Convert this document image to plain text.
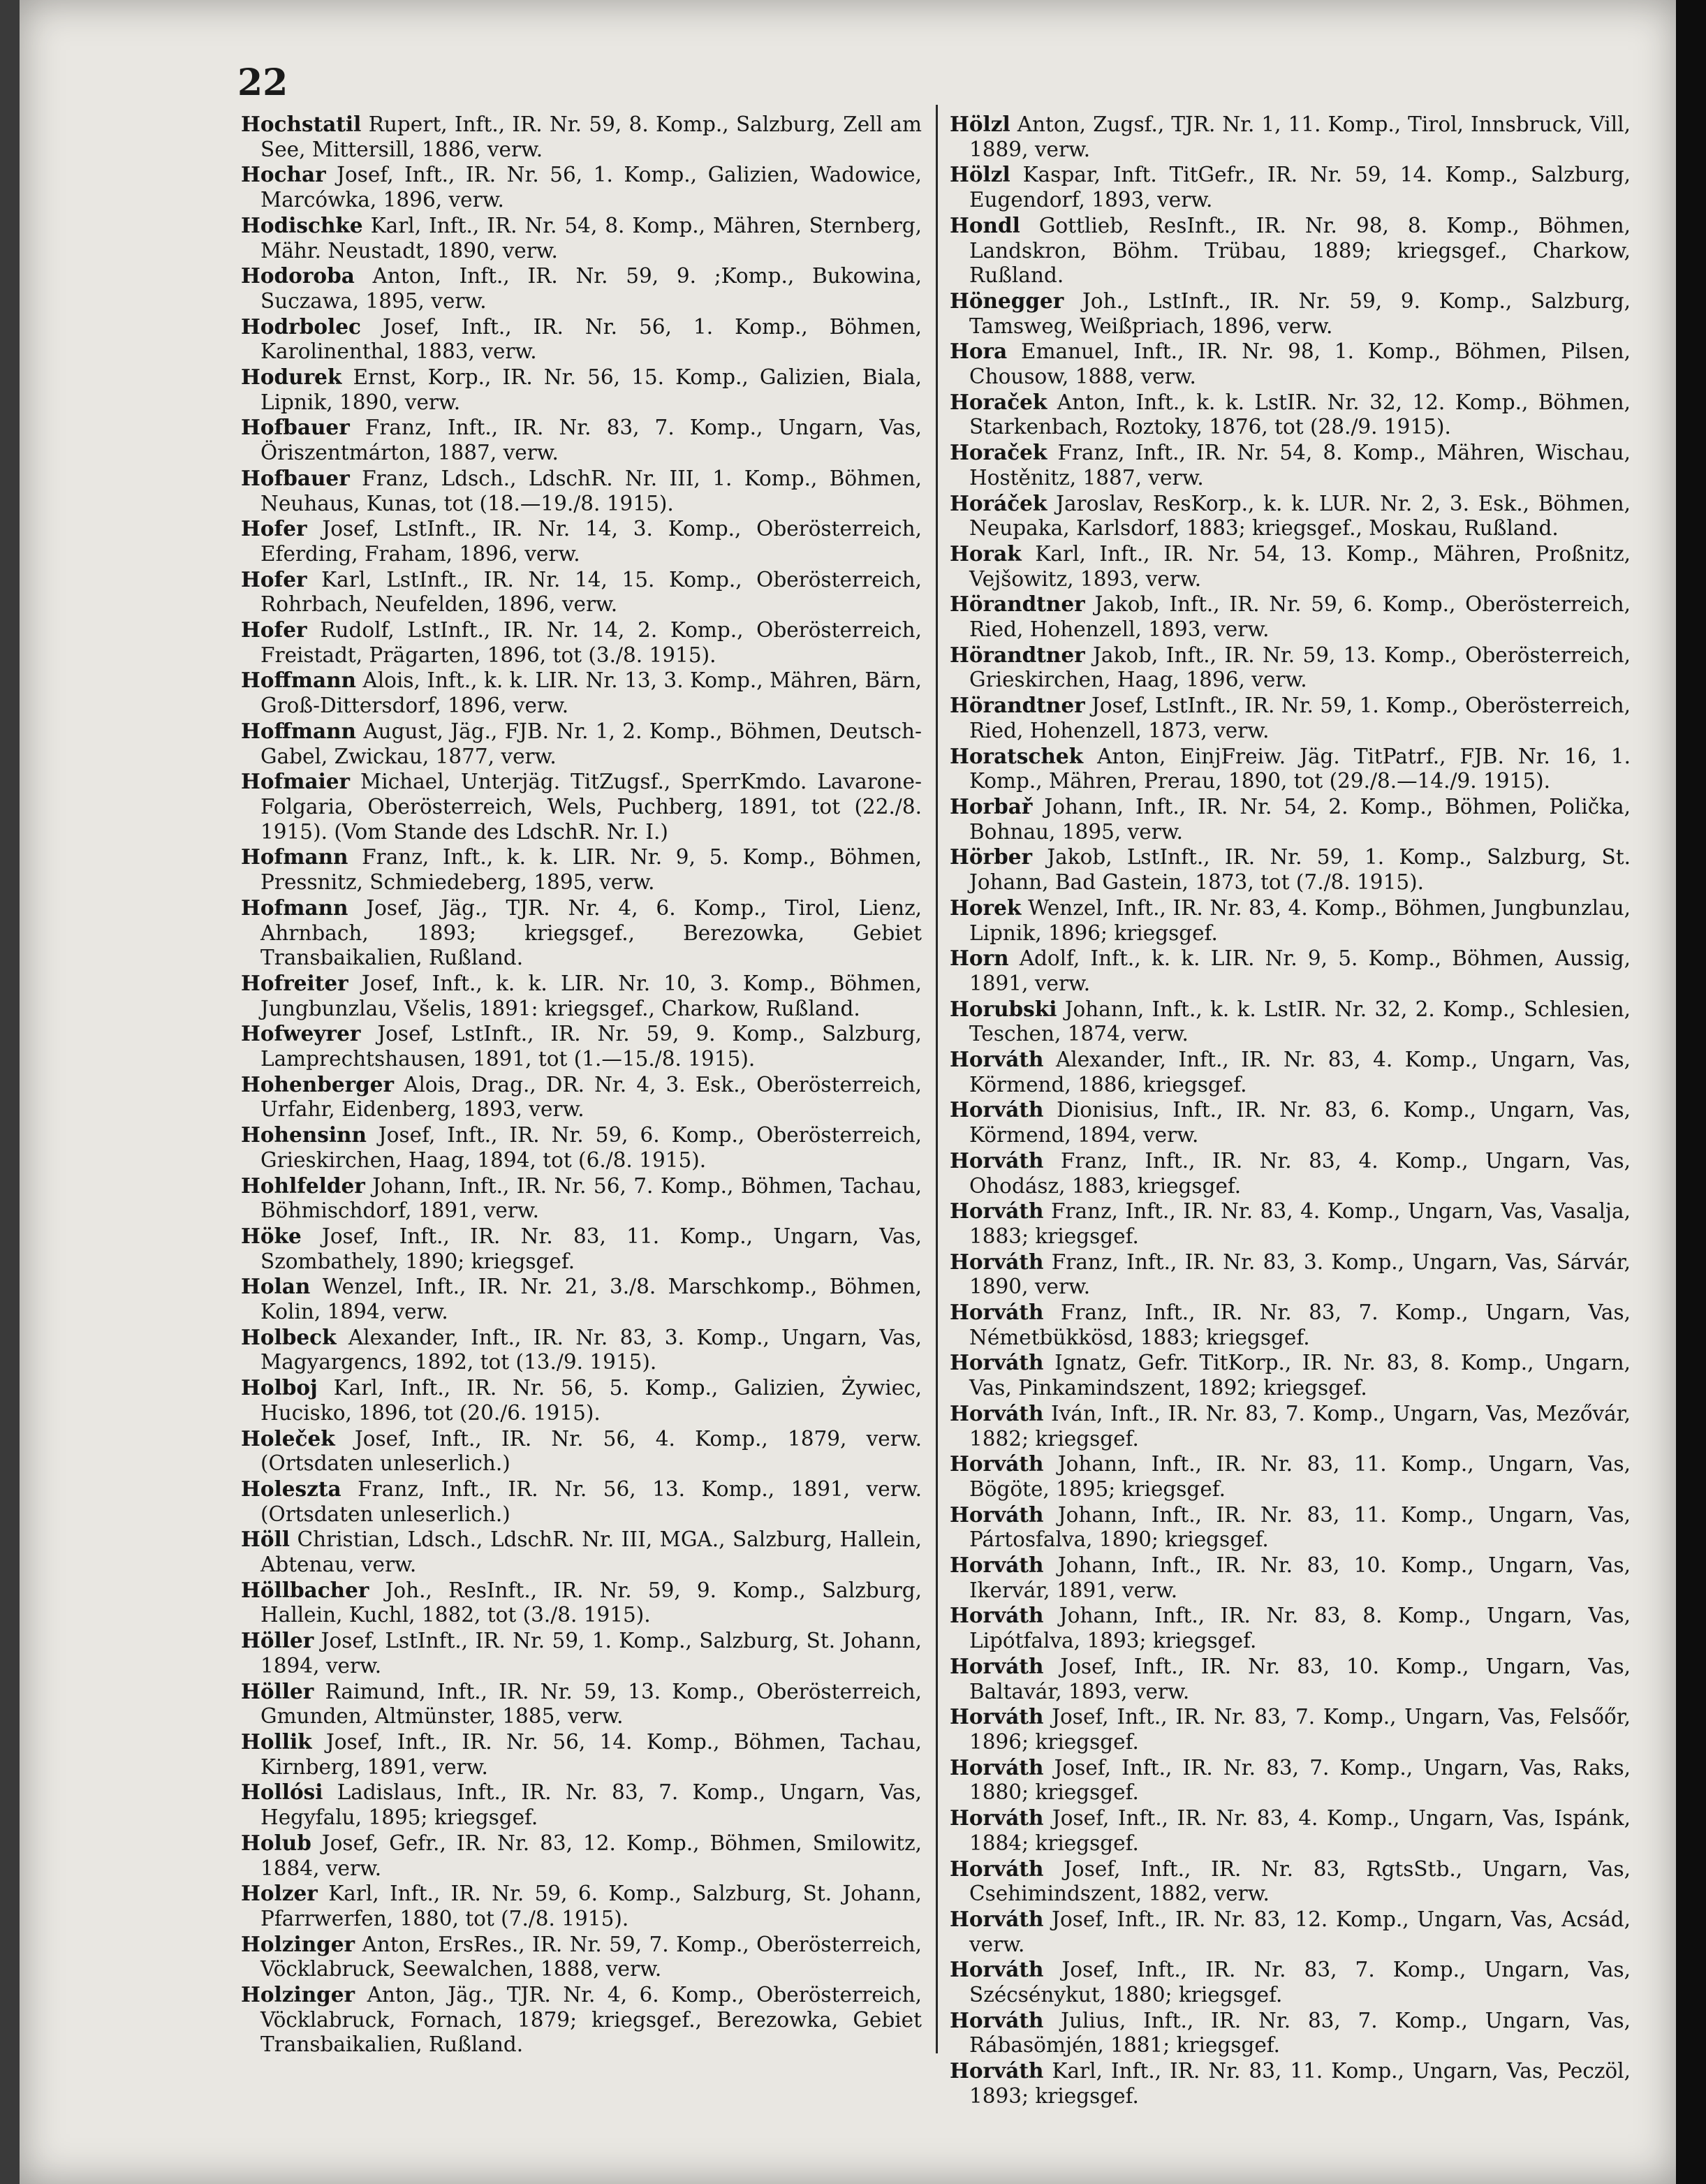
22

Hochstatil Rupert, Inft., IR. Nr. 59, 8. Komp., Salzburg, Zell am See, Mittersill, 1886, verw.

Hochar Josef, Inft., IR. Nr. 56, 1. Komp., Galizien, Wadowice, Marcówka, 1896, verw.

Hodischke Karl, Inft., IR. Nr. 54, 8. Komp., Mähren, Sternberg, Mähr. Neustadt, 1890, verw.

Hodoroba Anton, Inft., IR. Nr. 59, 9. ;Komp., Bukowina, Suczawa, 1895, verw.

Hodrbolec Josef, Inft., IR. Nr. 56, 1. Komp., Böhmen, Karolinenthal, 1883, verw.

Hodurek Ernst, Korp., IR. Nr. 56, 15. Komp., Galizien, Biala, Lipnik, 1890, verw.

Hofbauer Franz, Inft., IR. Nr. 83, 7. Komp., Ungarn, Vas, Öriszentmárton, 1887, verw.

Hofbauer Franz, Ldsch., LdschR. Nr. III, 1. Komp., Böhmen, Neuhaus, Kunas, tot (18.—19./8. 1915).

Hofer Josef, LstInft., IR. Nr. 14, 3. Komp., Oberösterreich, Eferding, Fraham, 1896, verw.

Hofer Karl, LstInft., IR. Nr. 14, 15. Komp., Oberösterreich, Rohrbach, Neufelden, 1896, verw.

Hofer Rudolf, LstInft., IR. Nr. 14, 2. Komp., Oberösterreich, Freistadt, Prägarten, 1896, tot (3./8. 1915).

Hoffmann Alois, Inft., k. k. LIR. Nr. 13, 3. Komp., Mähren, Bärn, Groß-Dittersdorf, 1896, verw.

Hoffmann August, Jäg., FJB. Nr. 1, 2. Komp., Böhmen, Deutsch-Gabel, Zwickau, 1877, verw.

Hofmaier Michael, Unterjäg. TitZugsf., SperrKmdo. Lavarone-Folgaria, Oberösterreich, Wels, Puchberg, 1891, tot (22./8. 1915). (Vom Stande des LdschR. Nr. I.)

Hofmann Franz, Inft., k. k. LIR. Nr. 9, 5. Komp., Böhmen, Pressnitz, Schmiedeberg, 1895, verw.

Hofmann Josef, Jäg., TJR. Nr. 4, 6. Komp., Tirol, Lienz, Ahrnbach, 1893; kriegsgef., Berezowka, Gebiet Transbaikalien, Rußland.

Hofreiter Josef, Inft., k. k. LIR. Nr. 10, 3. Komp., Böhmen, Jungbunzlau, Všelis, 1891: kriegsgef., Charkow, Rußland.

Hofweyrer Josef, LstInft., IR. Nr. 59, 9. Komp., Salzburg, Lamprechtshausen, 1891, tot (1.—15./8. 1915).

Hohenberger Alois, Drag., DR. Nr. 4, 3. Esk., Oberösterreich, Urfahr, Eidenberg, 1893, verw.

Hohensinn Josef, Inft., IR. Nr. 59, 6. Komp., Oberösterreich, Grieskirchen, Haag, 1894, tot (6./8. 1915).

Hohlfelder Johann, Inft., IR. Nr. 56, 7. Komp., Böhmen, Tachau, Böhmischdorf, 1891, verw.

Höke Josef, Inft., IR. Nr. 83, 11. Komp., Ungarn, Vas, Szombathely, 1890; kriegsgef.

Holan Wenzel, Inft., IR. Nr. 21, 3./8. Marschkomp., Böhmen, Kolin, 1894, verw.

Holbeck Alexander, Inft., IR. Nr. 83, 3. Komp., Ungarn, Vas, Magyargencs, 1892, tot (13./9. 1915).

Holboj Karl, Inft., IR. Nr. 56, 5. Komp., Galizien, Żywiec, Hucisko, 1896, tot (20./6. 1915).

Holeček Josef, Inft., IR. Nr. 56, 4. Komp., 1879, verw. (Ortsdaten unleserlich.)

Holeszta Franz, Inft., IR. Nr. 56, 13. Komp., 1891, verw. (Ortsdaten unleserlich.)

Höll Christian, Ldsch., LdschR. Nr. III, MGA., Salzburg, Hallein, Abtenau, verw.

Höllbacher Joh., ResInft., IR. Nr. 59, 9. Komp., Salzburg, Hallein, Kuchl, 1882, tot (3./8. 1915).

Höller Josef, LstInft., IR. Nr. 59, 1. Komp., Salzburg, St. Johann, 1894, verw.

Höller Raimund, Inft., IR. Nr. 59, 13. Komp., Oberösterreich, Gmunden, Altmünster, 1885, verw.

Hollik Josef, Inft., IR. Nr. 56, 14. Komp., Böhmen, Tachau, Kirnberg, 1891, verw.

Hollósi Ladislaus, Inft., IR. Nr. 83, 7. Komp., Ungarn, Vas, Hegyfalu, 1895; kriegsgef.

Holub Josef, Gefr., IR. Nr. 83, 12. Komp., Böhmen, Smilowitz, 1884, verw.

Holzer Karl, Inft., IR. Nr. 59, 6. Komp., Salzburg, St. Johann, Pfarrwerfen, 1880, tot (7./8. 1915).

Holzinger Anton, ErsRes., IR. Nr. 59, 7. Komp., Oberösterreich, Vöcklabruck, Seewalchen, 1888, verw.

Holzinger Anton, Jäg., TJR. Nr. 4, 6. Komp., Oberösterreich, Vöcklabruck, Fornach, 1879; kriegsgef., Berezowka, Gebiet Transbaikalien, Rußland.

Hölzl Anton, Zugsf., TJR. Nr. 1, 11. Komp., Tirol, Innsbruck, Vill, 1889, verw.

Hölzl Kaspar, Inft. TitGefr., IR. Nr. 59, 14. Komp., Salzburg, Eugendorf, 1893, verw.

Hondl Gottlieb, ResInft., IR. Nr. 98, 8. Komp., Böhmen, Landskron, Böhm. Trübau, 1889; kriegsgef., Charkow, Rußland.

Hönegger Joh., LstInft., IR. Nr. 59, 9. Komp., Salzburg, Tamsweg, Weißpriach, 1896, verw.

Hora Emanuel, Inft., IR. Nr. 98, 1. Komp., Böhmen, Pilsen, Chousow, 1888, verw.

Horaček Anton, Inft., k. k. LstIR. Nr. 32, 12. Komp., Böhmen, Starkenbach, Roztoky, 1876, tot (28./9. 1915).

Horaček Franz, Inft., IR. Nr. 54, 8. Komp., Mähren, Wischau, Hostěnitz, 1887, verw.

Horáček Jaroslav, ResKorp., k. k. LUR. Nr. 2, 3. Esk., Böhmen, Neupaka, Karlsdorf, 1883; kriegsgef., Moskau, Rußland.

Horak Karl, Inft., IR. Nr. 54, 13. Komp., Mähren, Proßnitz, Vejšowitz, 1893, verw.

Hörandtner Jakob, Inft., IR. Nr. 59, 6. Komp., Oberösterreich, Ried, Hohenzell, 1893, verw.

Hörandtner Jakob, Inft., IR. Nr. 59, 13. Komp., Oberösterreich, Grieskirchen, Haag, 1896, verw.

Hörandtner Josef, LstInft., IR. Nr. 59, 1. Komp., Oberösterreich, Ried, Hohenzell, 1873, verw.

Horatschek Anton, EinjFreiw. Jäg. TitPatrf., FJB. Nr. 16, 1. Komp., Mähren, Prerau, 1890, tot (29./8.—14./9. 1915).

Horbař Johann, Inft., IR. Nr. 54, 2. Komp., Böhmen, Polička, Bohnau, 1895, verw.

Hörber Jakob, LstInft., IR. Nr. 59, 1. Komp., Salzburg, St. Johann, Bad Gastein, 1873, tot (7./8. 1915).

Horek Wenzel, Inft., IR. Nr. 83, 4. Komp., Böhmen, Jungbunzlau, Lipnik, 1896; kriegsgef.

Horn Adolf, Inft., k. k. LIR. Nr. 9, 5. Komp., Böhmen, Aussig, 1891, verw.

Horubski Johann, Inft., k. k. LstIR. Nr. 32, 2. Komp., Schlesien, Teschen, 1874, verw.

Horváth Alexander, Inft., IR. Nr. 83, 4. Komp., Ungarn, Vas, Körmend, 1886, kriegsgef.

Horváth Dionisius, Inft., IR. Nr. 83, 6. Komp., Ungarn, Vas, Körmend, 1894, verw.

Horváth Franz, Inft., IR. Nr. 83, 4. Komp., Ungarn, Vas, Ohodász, 1883, kriegsgef.

Horváth Franz, Inft., IR. Nr. 83, 4. Komp., Ungarn, Vas, Vasalja, 1883; kriegsgef.

Horváth Franz, Inft., IR. Nr. 83, 3. Komp., Ungarn, Vas, Sárvár, 1890, verw.

Horváth Franz, Inft., IR. Nr. 83, 7. Komp., Ungarn, Vas, Németbükkösd, 1883; kriegsgef.

Horváth Ignatz, Gefr. TitKorp., IR. Nr. 83, 8. Komp., Ungarn, Vas, Pinkamindszent, 1892; kriegsgef.

Horváth Iván, Inft., IR. Nr. 83, 7. Komp., Ungarn, Vas, Mezővár, 1882; kriegsgef.

Horváth Johann, Inft., IR. Nr. 83, 11. Komp., Ungarn, Vas, Bögöte, 1895; kriegsgef.

Horváth Johann, Inft., IR. Nr. 83, 11. Komp., Ungarn, Vas, Pártosfalva, 1890; kriegsgef.

Horváth Johann, Inft., IR. Nr. 83, 10. Komp., Ungarn, Vas, Ikervár, 1891, verw.

Horváth Johann, Inft., IR. Nr. 83, 8. Komp., Ungarn, Vas, Lipótfalva, 1893; kriegsgef.

Horváth Josef, Inft., IR. Nr. 83, 10. Komp., Ungarn, Vas, Baltavár, 1893, verw.

Horváth Josef, Inft., IR. Nr. 83, 7. Komp., Ungarn, Vas, Felsőőr, 1896; kriegsgef.

Horváth Josef, Inft., IR. Nr. 83, 7. Komp., Ungarn, Vas, Raks, 1880; kriegsgef.

Horváth Josef, Inft., IR. Nr. 83, 4. Komp., Ungarn, Vas, Ispánk, 1884; kriegsgef.

Horváth Josef, Inft., IR. Nr. 83, RgtsStb., Ungarn, Vas, Csehimindszent, 1882, verw.

Horváth Josef, Inft., IR. Nr. 83, 12. Komp., Ungarn, Vas, Acsád, verw.

Horváth Josef, Inft., IR. Nr. 83, 7. Komp., Ungarn, Vas, Szécsénykut, 1880; kriegsgef.

Horváth Julius, Inft., IR. Nr. 83, 7. Komp., Ungarn, Vas, Rábasömjén, 1881; kriegsgef.

Horváth Karl, Inft., IR. Nr. 83, 11. Komp., Ungarn, Vas, Peczöl, 1893; kriegsgef.
